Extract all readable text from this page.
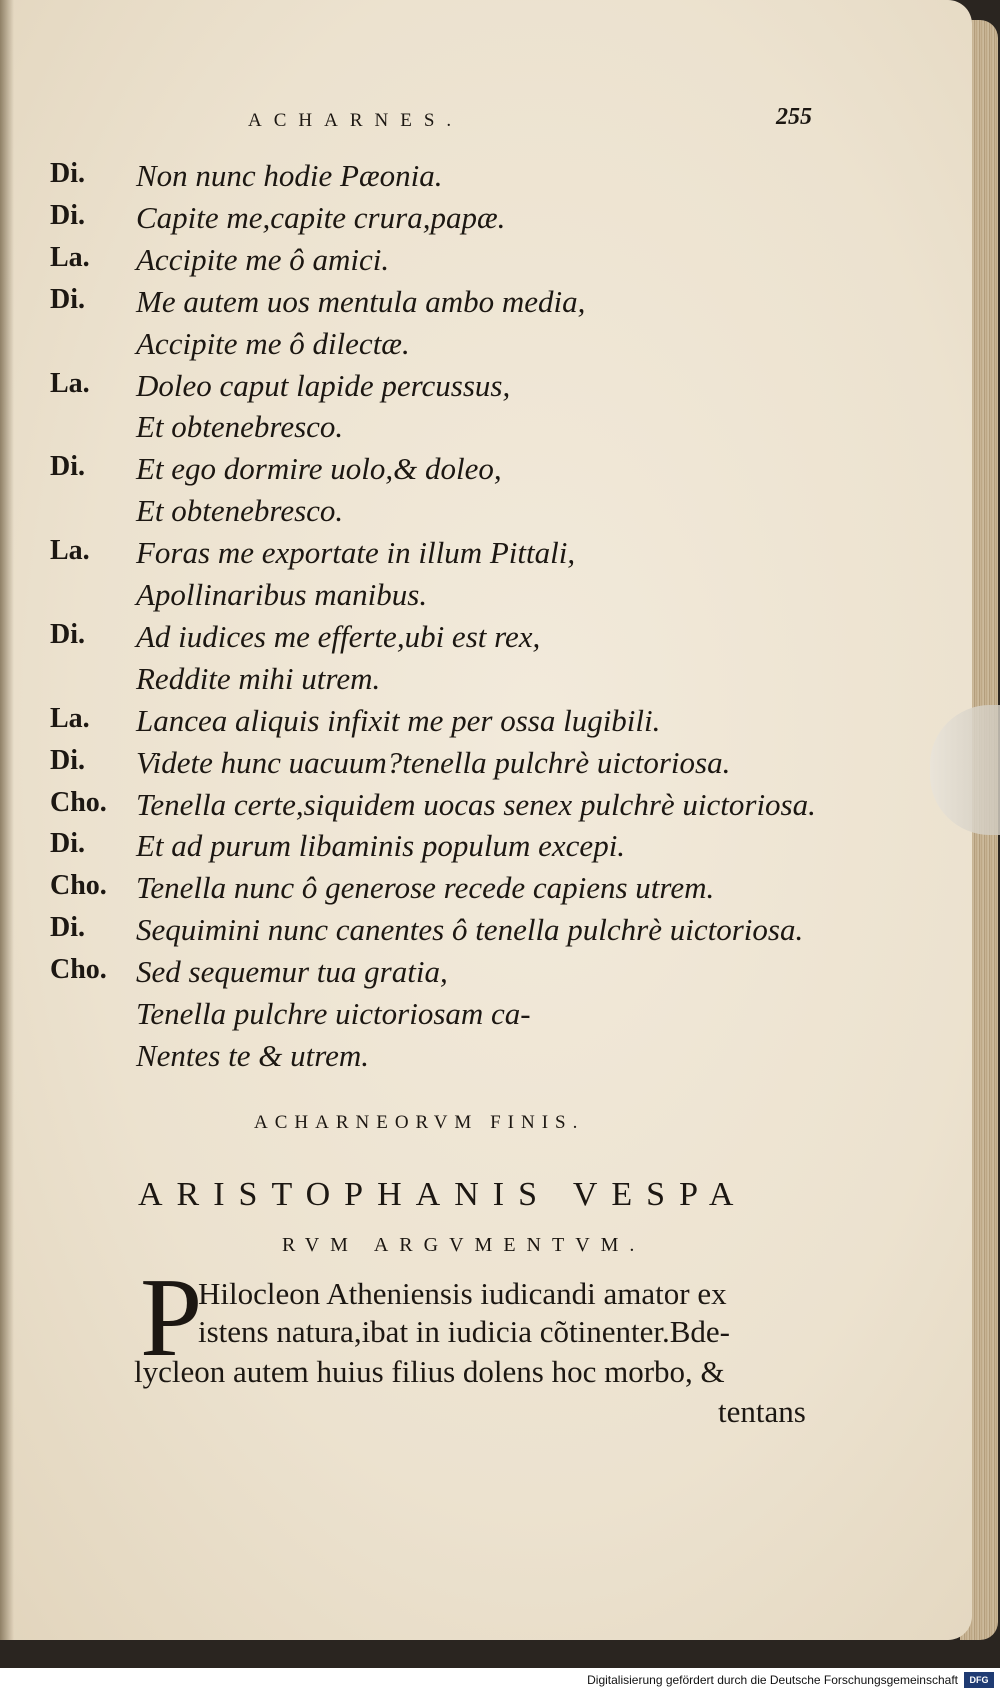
ACHARNES.	255
Di. Non nunc hodie Pæonia.
Di. Capite me,capite crura,papæ.
La. Accipite me ô amici.
Di. Me autem uos mentula ambo media,
Accipite me ô dilectæ.
La. Doleo caput lapide percussus,
Et obtenebresco.
Di. Et ego dormire uolo,& doleo,
Et obtenebresco.
La. Foras me exportate in illum Pittali,
Apollinaribus manibus.
Di. Ad iudices me efferte,ubi est rex,
Reddite mihi utrem.
La. Lancea aliquis infixit me per ossa lugibili.
Di. Videte hunc uacuum?tenella pulchrè uictoriosa.
Cho. Tenella certe,siquidem uocas senex pulchrè uictoriosa.
Di. Et ad purum libaminis populum excepi.
Cho. Tenella nunc ô generose recede capiens utrem.
Di. Sequimini nunc canentes ô tenella pulchrè uictoriosa.
Cho. Sed sequemur tua gratia,
Tenella pulchre uictoriosam ca-
Nentes te & utrem.
ACHARNEORVM FINIS.
ARISTOPHANIS VESPA
RVM ARGVMENTVM.
P
Hilocleon Atheniensis iudicandi amator ex
istens natura,ibat in iudicia cõtinenter.Bde-
lycleon autem huius filius dolens hoc morbo, &
tentans
Digitalisierung gefördert durch die Deutsche Forschungsgemeinschaft	DFG
